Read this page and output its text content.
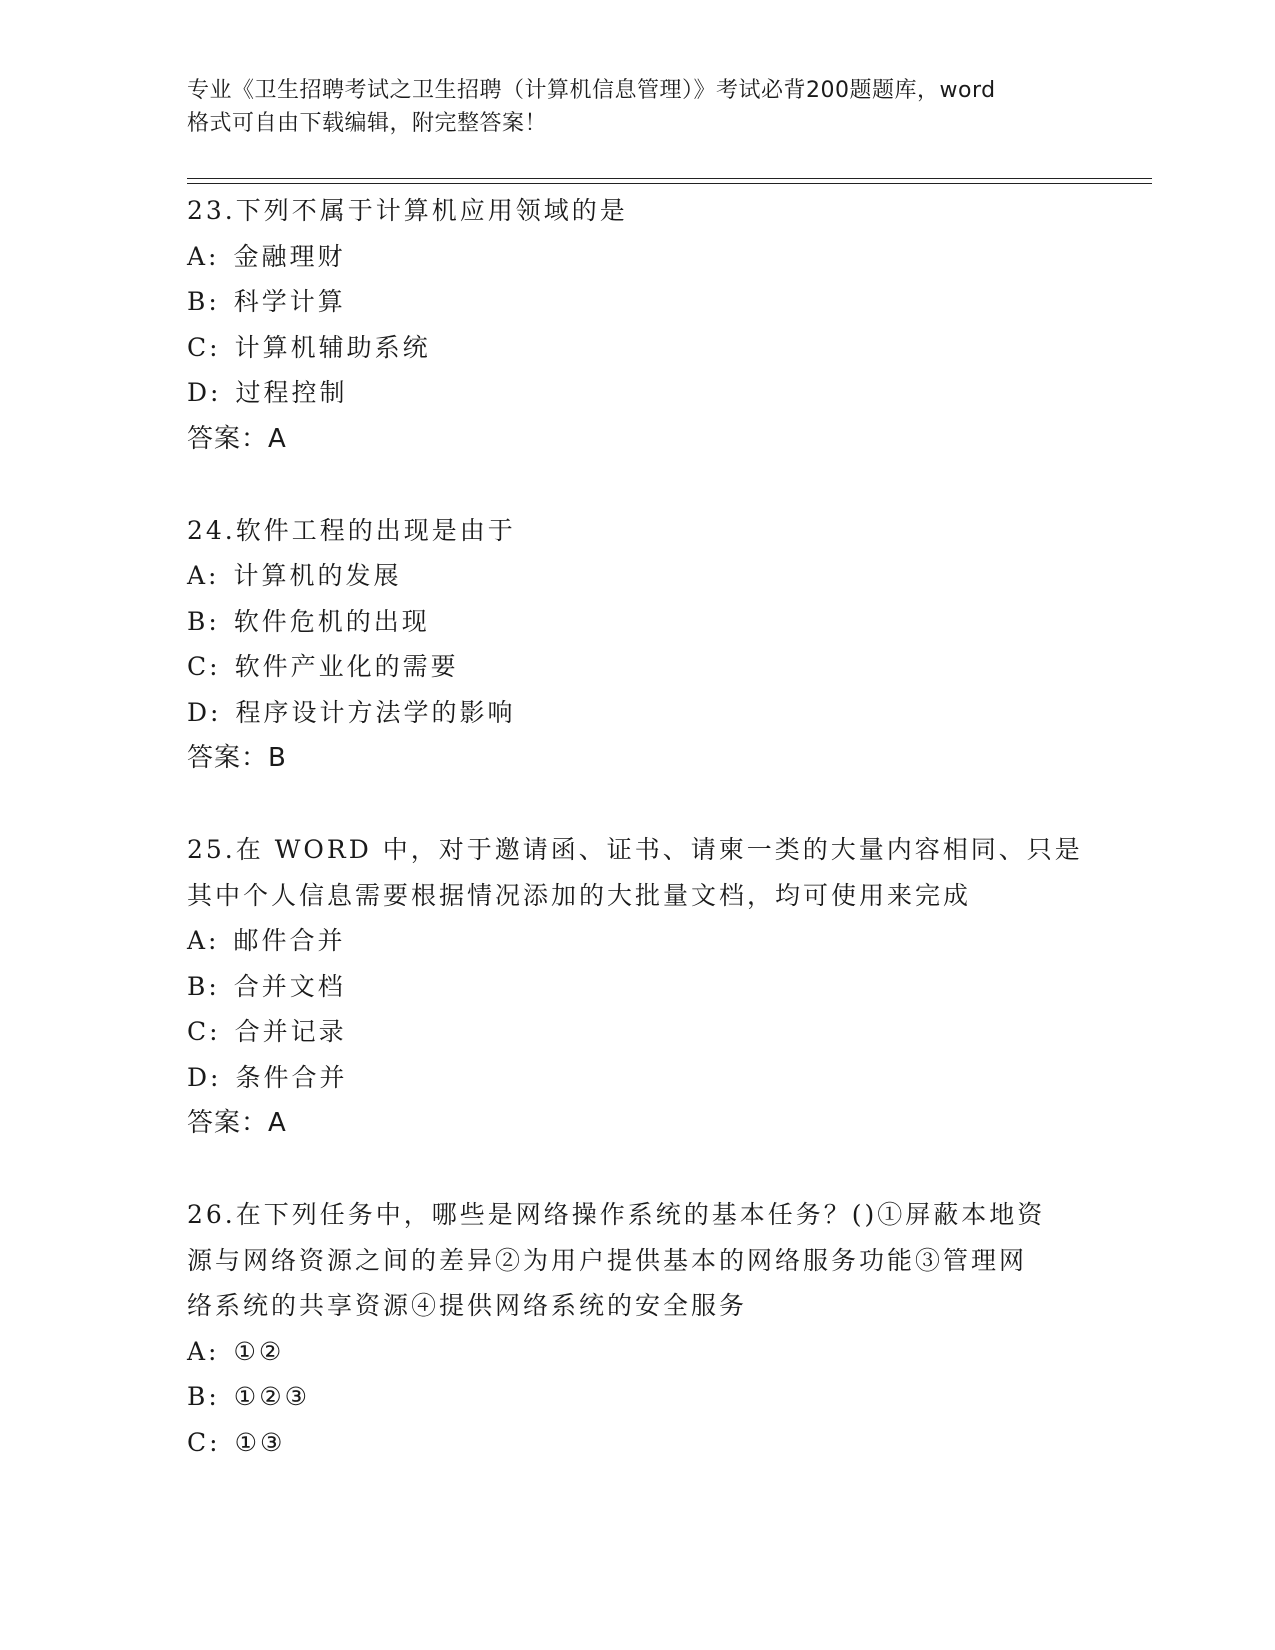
专业《卫生招聘考试之卫生招聘（计算机信息管理）》考试必背200题题库，word
格式可自由下载编辑，附完整答案！
23.下列不属于计算机应用领域的是
A: 金融理财
B: 科学计算
C: 计算机辅助系统
D: 过程控制
答案：A
24.软件工程的出现是由于
A: 计算机的发展
B: 软件危机的出现
C: 软件产业化的需要
D: 程序设计方法学的影响
答案：B
25.在 WORD 中，对于邀请函、证书、请柬一类的大量内容相同、只是
其中个人信息需要根据情况添加的大批量文档，均可使用来完成
A: 邮件合并
B: 合并文档
C: 合并记录
D: 条件合并
答案：A
26.在下列任务中，哪些是网络操作系统的基本任务？()①屏蔽本地资
源与网络资源之间的差异②为用户提供基本的网络服务功能③管理网
络系统的共享资源④提供网络系统的安全服务
A: ①②
B: ①②③
C: ①③
